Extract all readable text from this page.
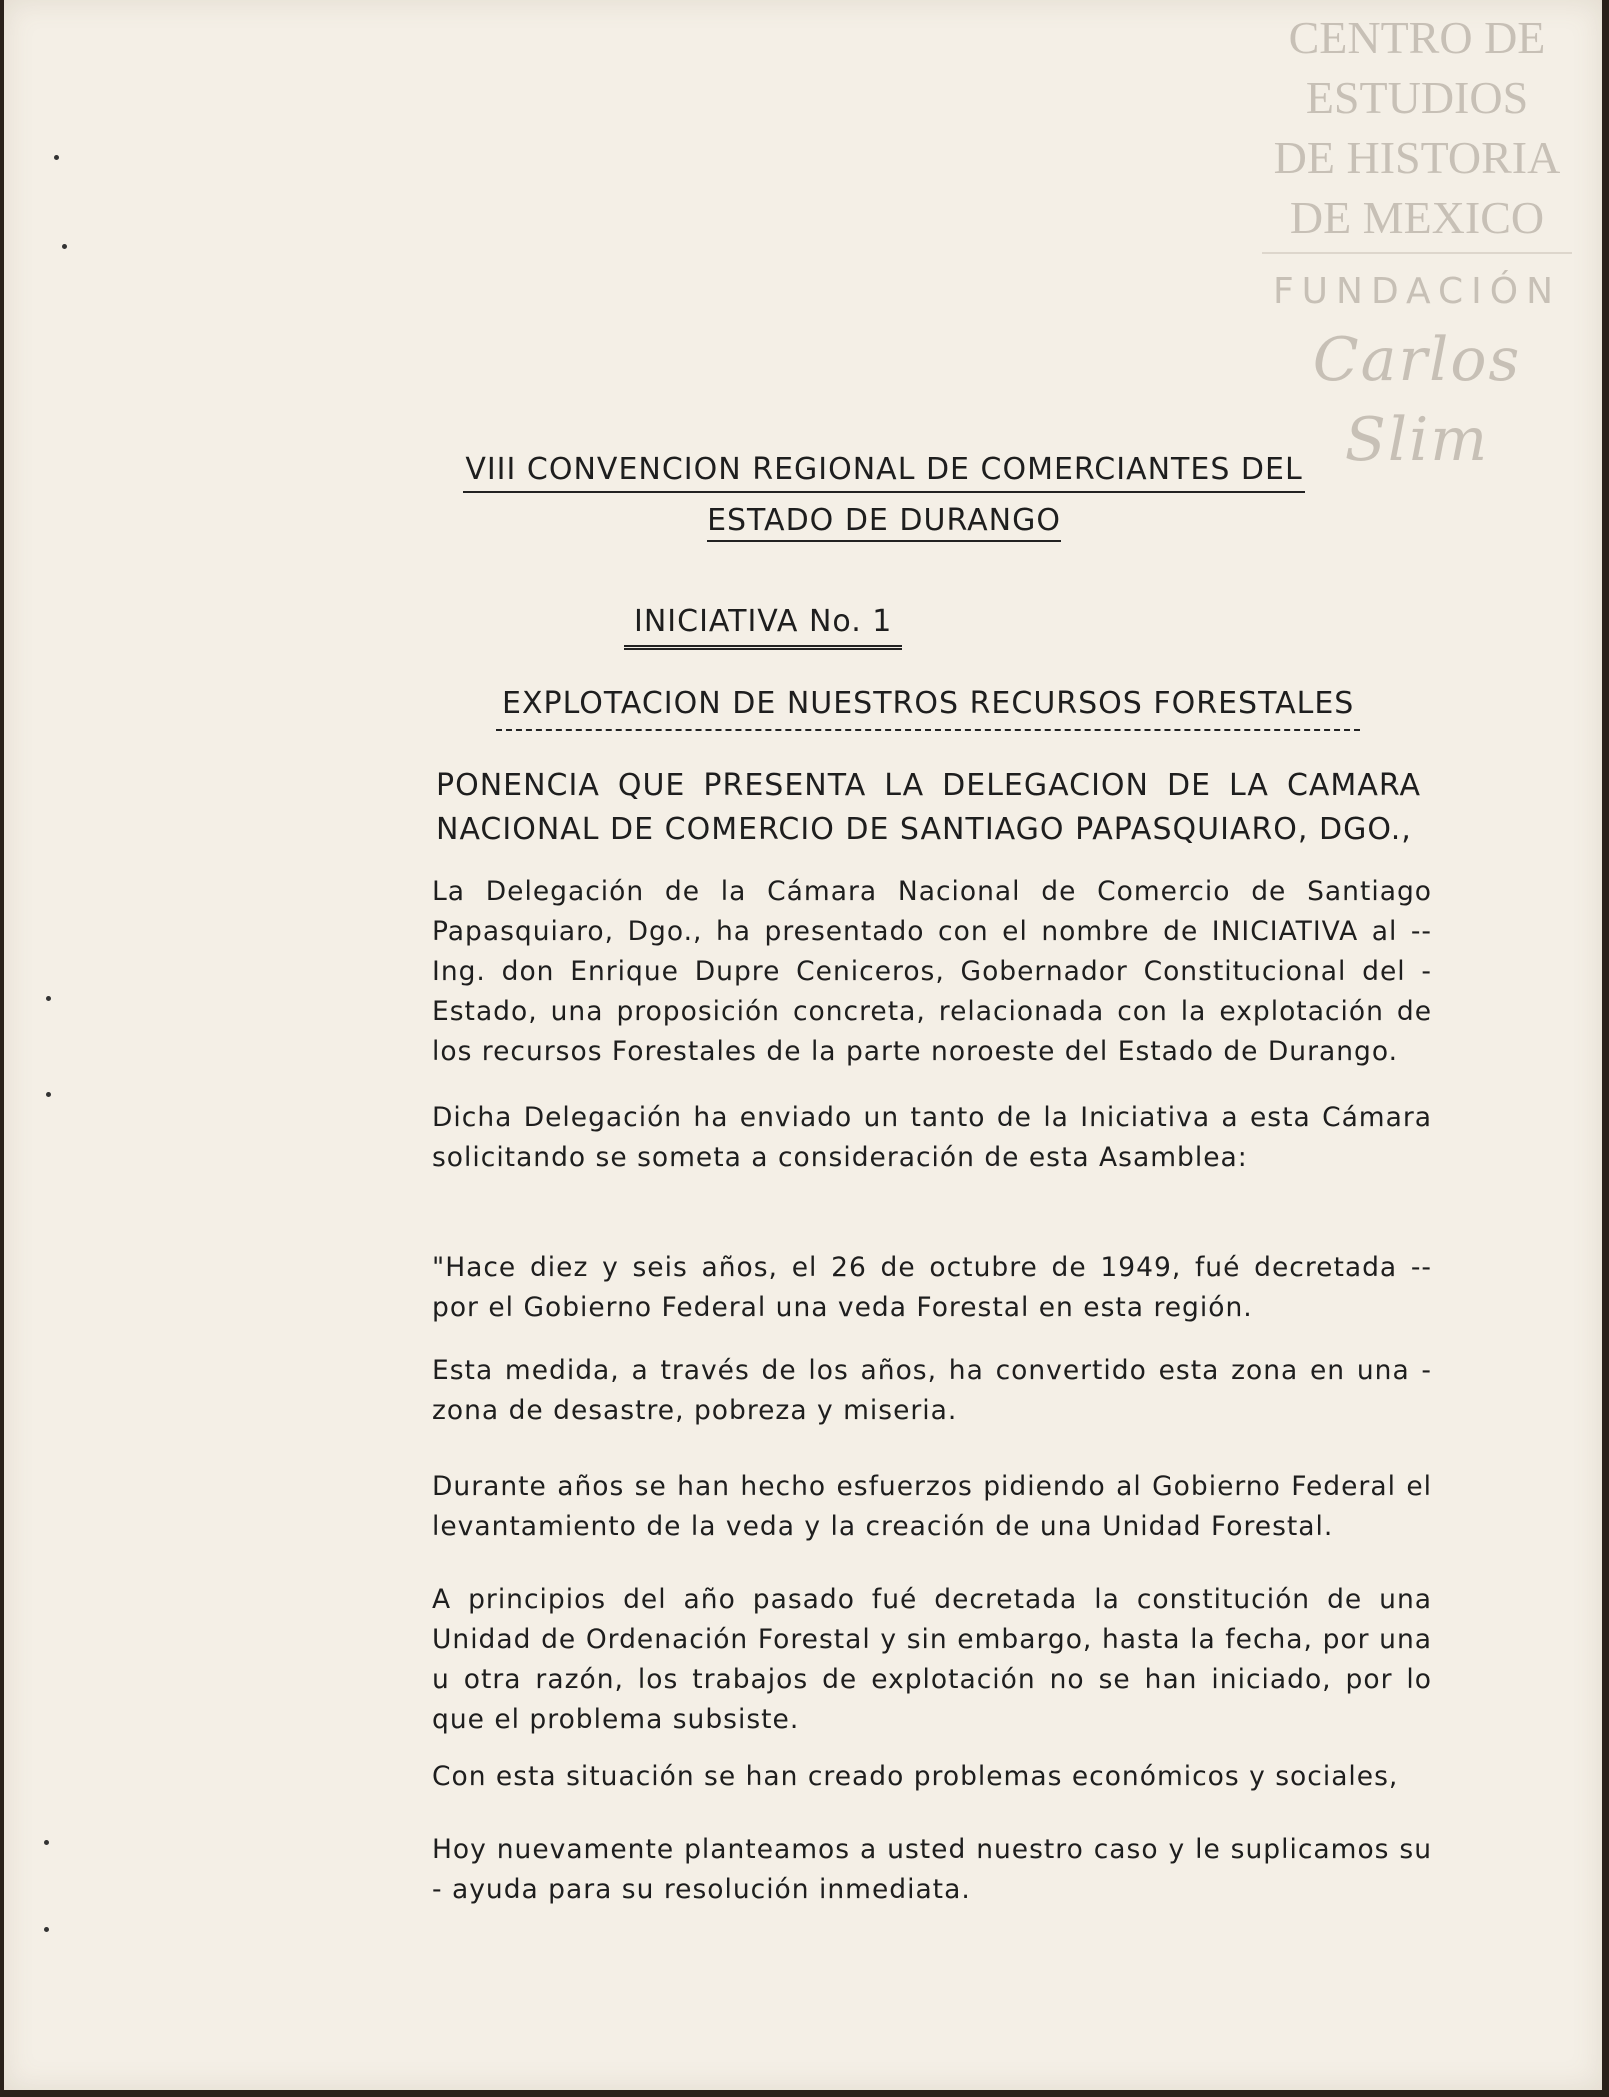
CENTRO DE
ESTUDIOS
DE HISTORIA
DE MEXICO
FUNDACIÓN
Carlos Slim
VIII CONVENCION REGIONAL DE COMERCIANTES DEL
ESTADO DE DURANGO
INICIATIVA No. 1
EXPLOTACION DE NUESTROS RECURSOS FORESTALES
PONENCIA QUE PRESENTA LA DELEGACION DE LA CAMARA NACIONAL DE COMERCIO DE SANTIAGO PAPASQUIARO, DGO.,
La Delegación de la Cámara Nacional de Comercio de Santiago Papasquiaro, Dgo., ha presentado con el nombre de INICIATIVA al -- Ing. don Enrique Dupre Ceniceros, Gobernador Constitucional del - Estado, una proposición concreta, relacionada con la explotación de los recursos Forestales de la parte noroeste del Estado de Durango.
Dicha Delegación ha enviado un tanto de la Iniciativa a esta Cámara solicitando se someta a consideración de esta Asamblea:
"Hace diez y seis años, el 26 de octubre de 1949, fué decretada -- por el Gobierno Federal una veda Forestal en esta región.
Esta medida, a través de los años, ha convertido esta zona en una - zona de desastre, pobreza y miseria.
Durante años se han hecho esfuerzos pidiendo al Gobierno Federal el levantamiento de la veda y la creación de una Unidad Forestal.
A principios del año pasado fué decretada la constitución de una Unidad de Ordenación Forestal y sin embargo, hasta la fecha, por una u otra razón, los trabajos de explotación no se han iniciado, por lo que el problema subsiste.
Con esta situación se han creado problemas económicos y sociales,
Hoy nuevamente planteamos a usted nuestro caso y le suplicamos su - ayuda para su resolución inmediata.
